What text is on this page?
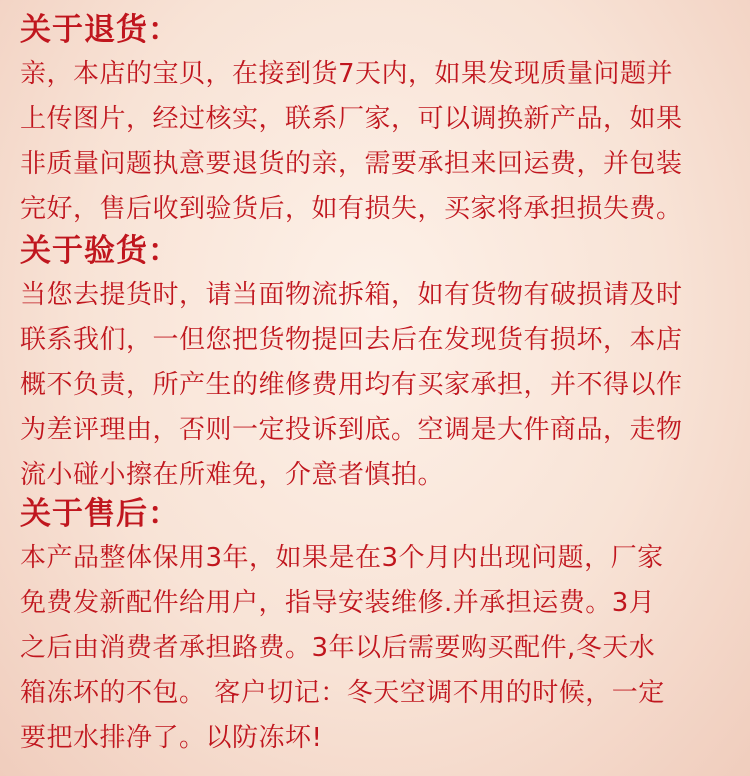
关于退货：

亲，本店的宝贝，在接到货7天内，如果发现质量问题并

上传图片，经过核实，联系厂家，可以调换新产品，如果

非质量问题执意要退货的亲，需要承担来回运费，并包装

完好，售后收到验货后，如有损失，买家将承担损失费。

关于验货：

当您去提货时，请当面物流拆箱，如有货物有破损请及时

联系我们，一但您把货物提回去后在发现货有损坏，本店

概不负责，所产生的维修费用均有买家承担，并不得以作

为差评理由，否则一定投诉到底。空调是大件商品，走物

流小碰小擦在所难免，介意者慎拍。

关于售后：

本产品整体保用3年，如果是在3个月内出现问题，厂家

免费发新配件给用户，指导安装维修.并承担运费。3月

之后由消费者承担路费。3年以后需要购买配件,冬天水

箱冻坏的不包。 客户切记：冬天空调不用的时候，一定

要把水排净了。以防冻坏!
